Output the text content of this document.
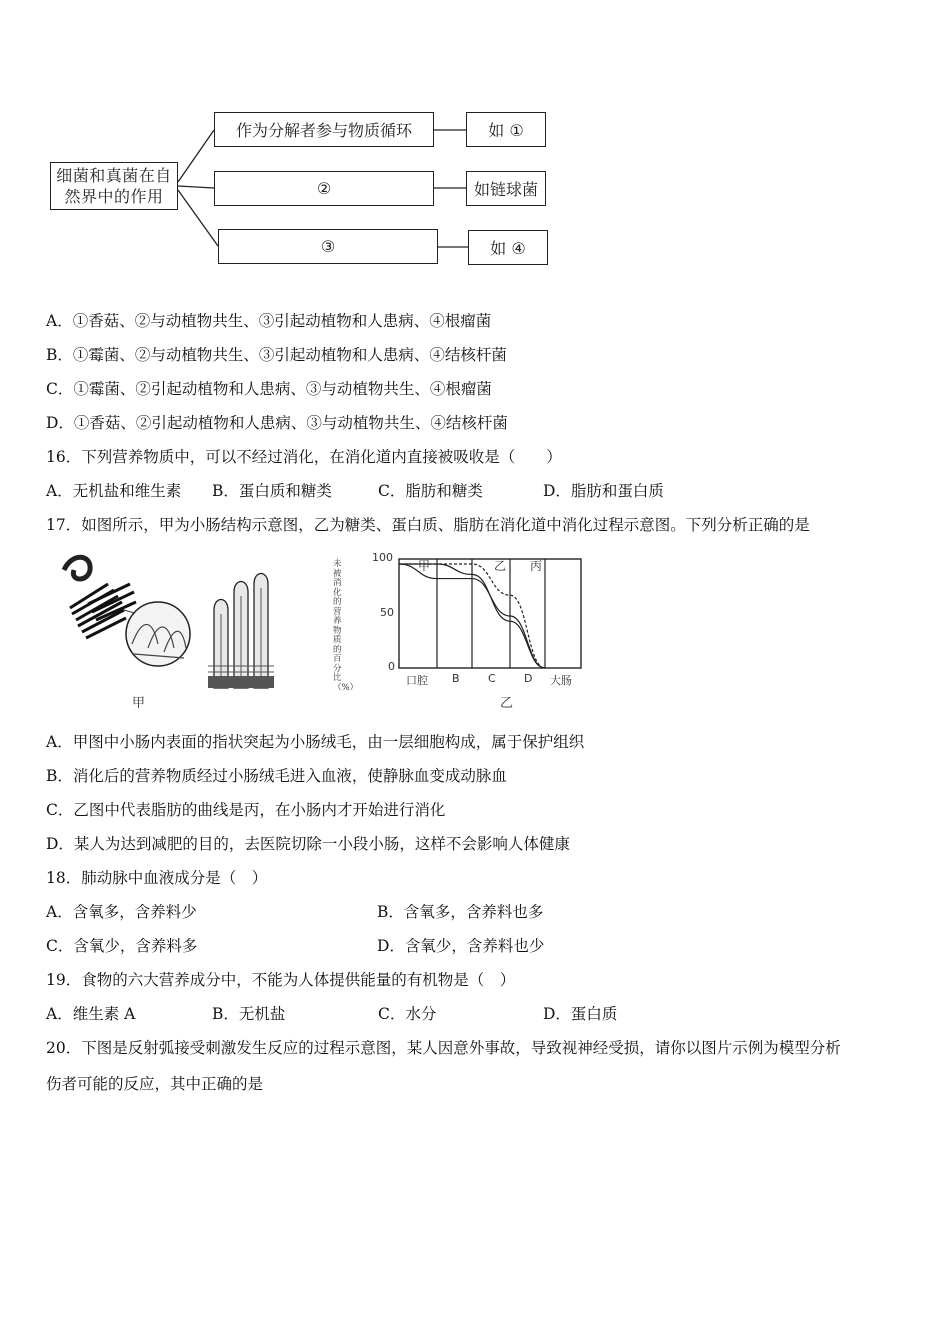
细菌和真菌在自然界中的作用
作为分解者参与物质循环	如 ①
②	如链球菌
③	如 ④
A．①香菇、②与动植物共生、③引起动植物和人患病、④根瘤菌
B．①霉菌、②与动植物共生、③引起动植物和人患病、④结核杆菌
C．①霉菌、②引起动植物和人患病、③与动植物共生、④根瘤菌
D．①香菇、②引起动植物和人患病、③与动植物共生、④结核杆菌
16．下列营养物质中，可以不经过消化，在消化道内直接被吸收是（　　）
A．无机盐和维生素 B．蛋白质和糖类	C．脂肪和糖类	D．脂肪和蛋白质
17．如图所示，甲为小肠结构示意图，乙为糖类、蛋白质、脂肪在消化道中消化过程示意图。下列分析正确的是
甲
未被消化的营养物质的百分比（%）
100
50
0
口腔 B	C	D 大肠
甲	乙 丙
乙
A．甲图中小肠内表面的指状突起为小肠绒毛，由一层细胞构成，属于保护组织
B．消化后的营养物质经过小肠绒毛进入血液，使静脉血变成动脉血
C．乙图中代表脂肪的曲线是丙，在小肠内才开始进行消化
D．某人为达到减肥的目的，去医院切除一小段小肠，这样不会影响人体健康
18．肺动脉中血液成分是（　）
A．含氧多，含养料少	B．含氧多，含养料也多
C．含氧少，含养料多	D．含氧少，含养料也少
19．食物的六大营养成分中，不能为人体提供能量的有机物是（　）
A．维生素 A	B．无机盐	C．水分	D．蛋白质
20．下图是反射弧接受刺激发生反应的过程示意图，某人因意外事故，导致视神经受损，请你以图片示例为模型分析
伤者可能的反应，其中正确的是
